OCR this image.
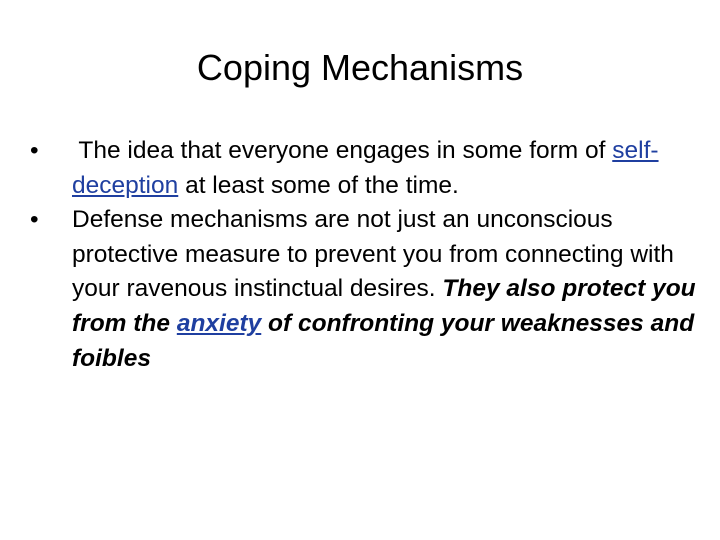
Coping Mechanisms
•	The idea that everyone engages in some form of self-deception at least some of the time.
•	Defense mechanisms are not just an unconscious protective measure to prevent you from connecting with your ravenous instinctual desires. They also protect you from the anxiety of confronting your weaknesses and foibles
